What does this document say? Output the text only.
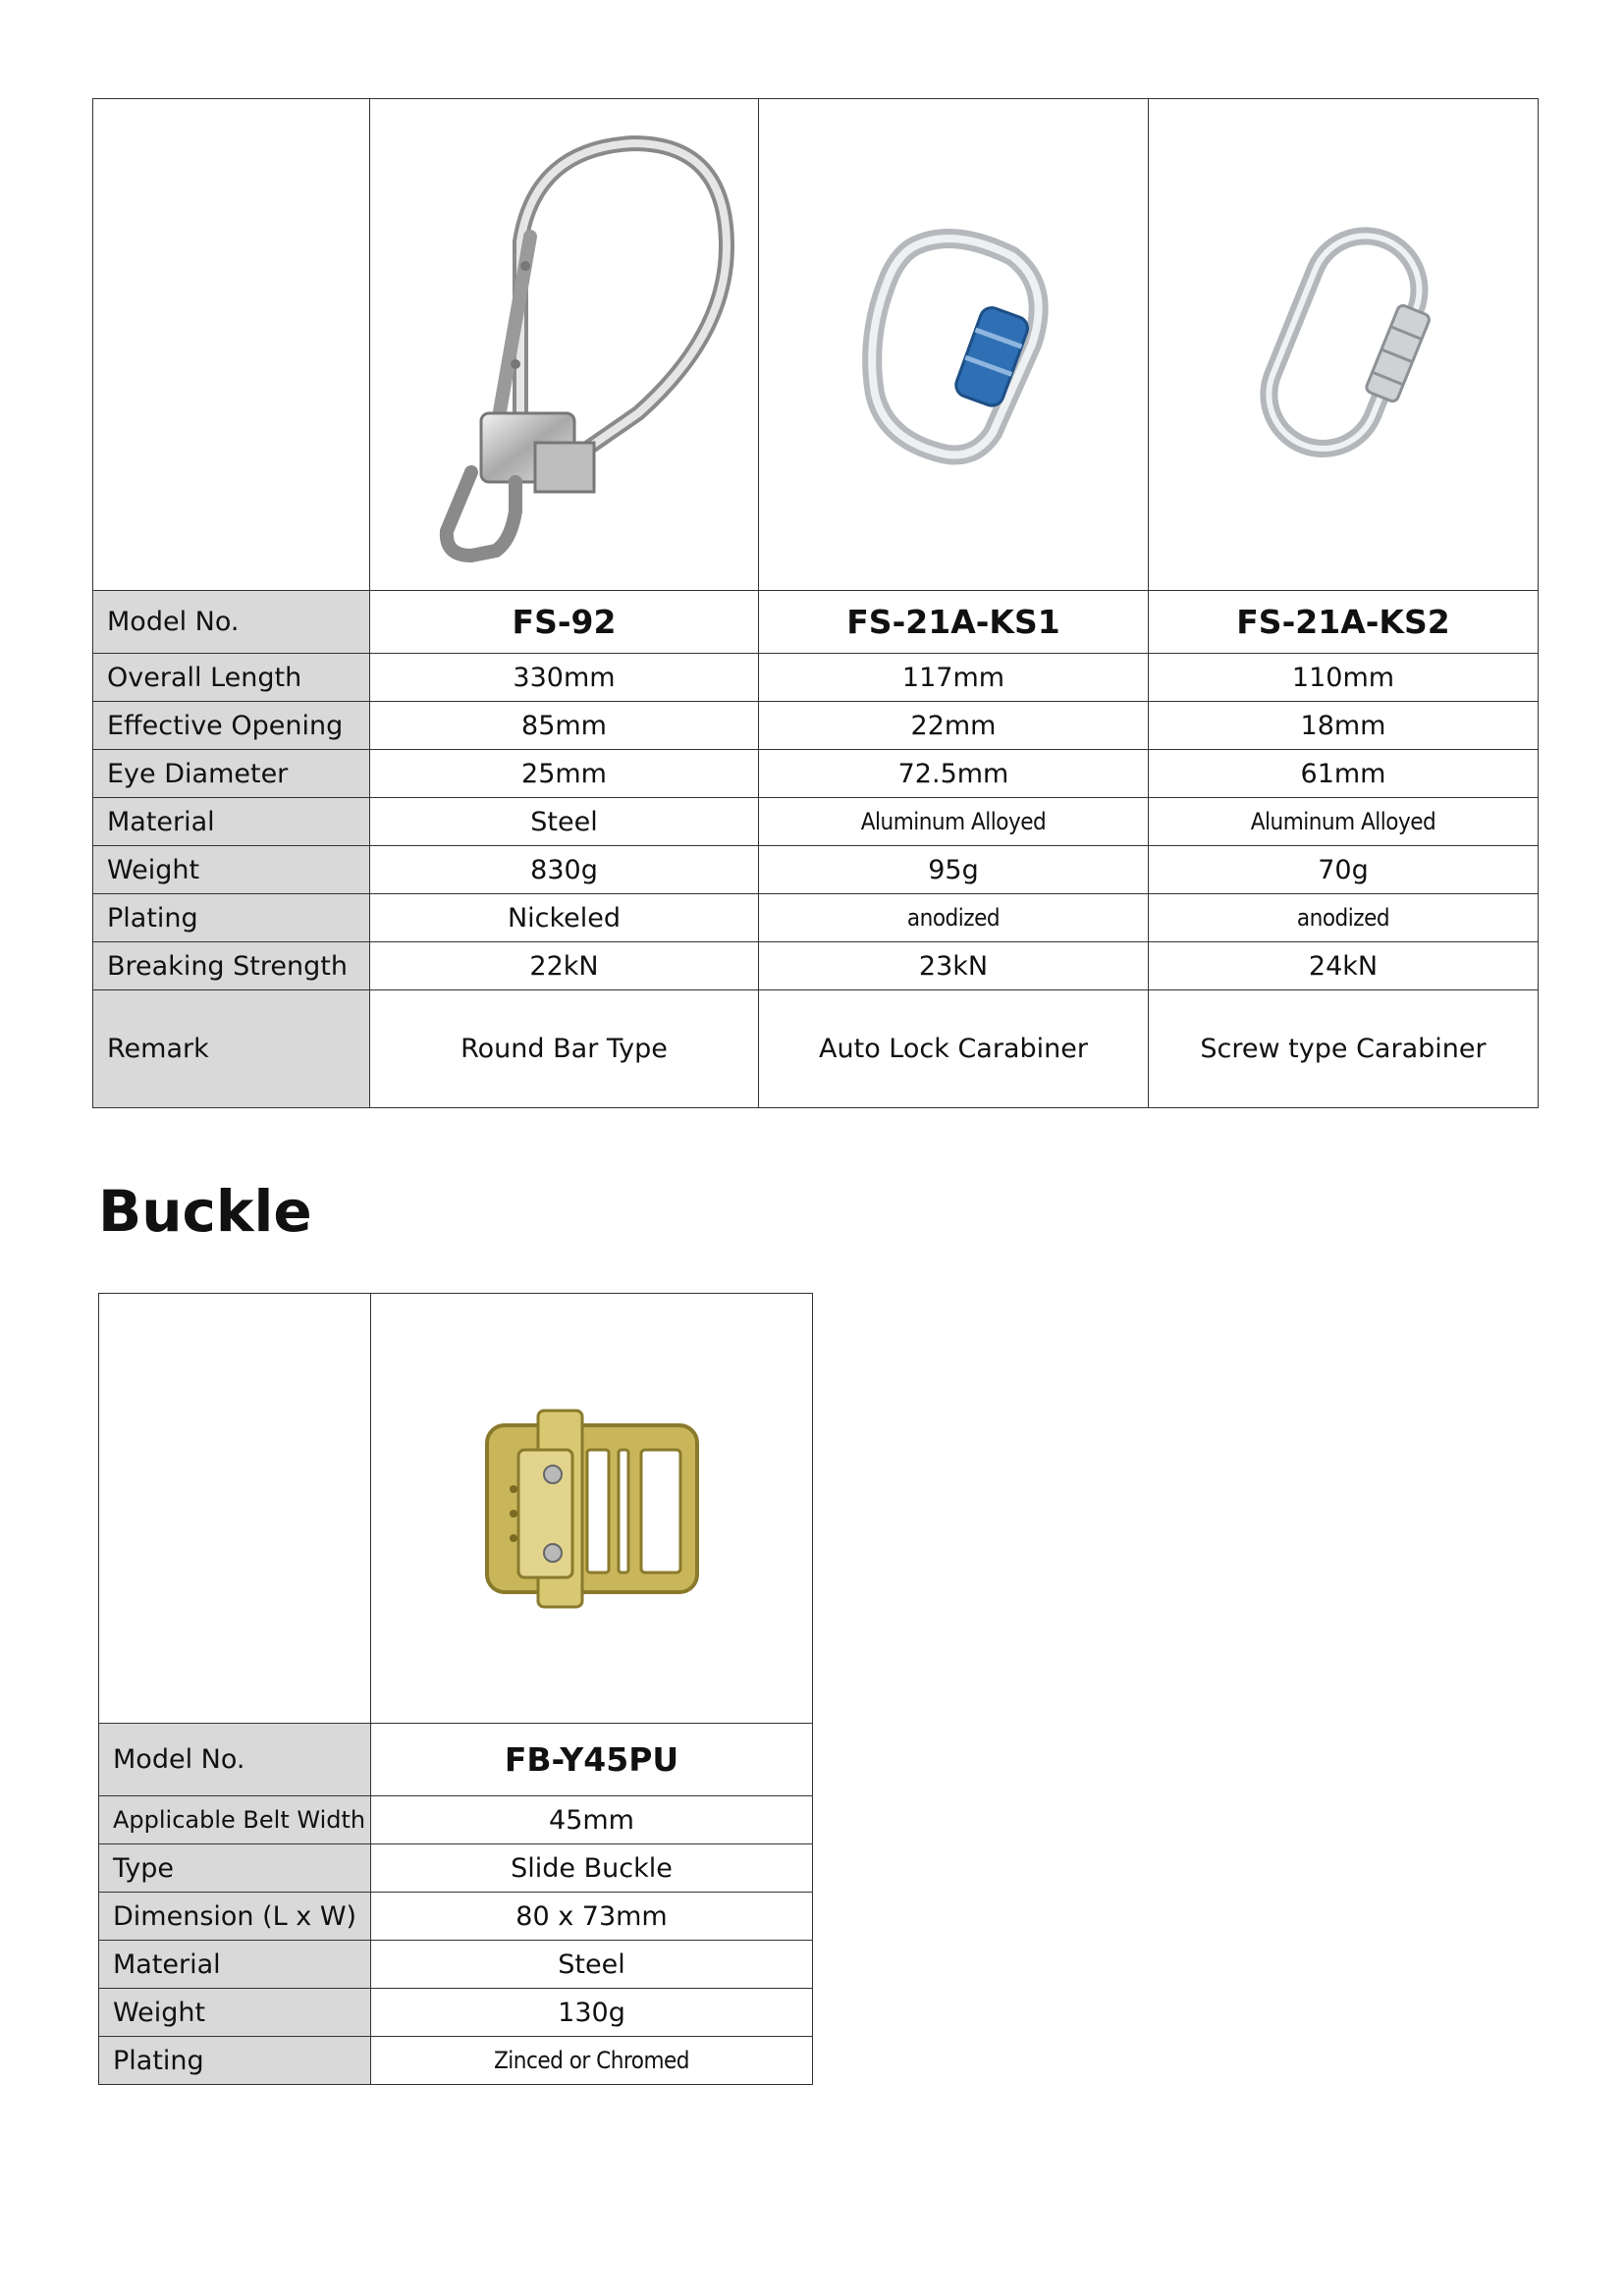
Model No.	FS-92	FS-21A-KS1	FS-21A-KS2
Overall Length	330mm	117mm	110mm
Effective Opening	85mm	22mm	18mm
Eye Diameter	25mm	72.5mm	61mm
Material	Steel	Aluminum Alloyed	Aluminum Alloyed
Weight	830g	95g	70g
Plating	Nickeled	anodized	anodized
Breaking Strength	22kN	23kN	24kN
Remark	Round Bar Type	Auto Lock Carabiner	Screw type Carabiner
Buckle

Model No.	FB-Y45PU
Applicable Belt Width	45mm
Type	Slide Buckle
Dimension (L x W)	80 x 73mm
Material	Steel
Weight	130g
Plating	Zinced or Chromed
